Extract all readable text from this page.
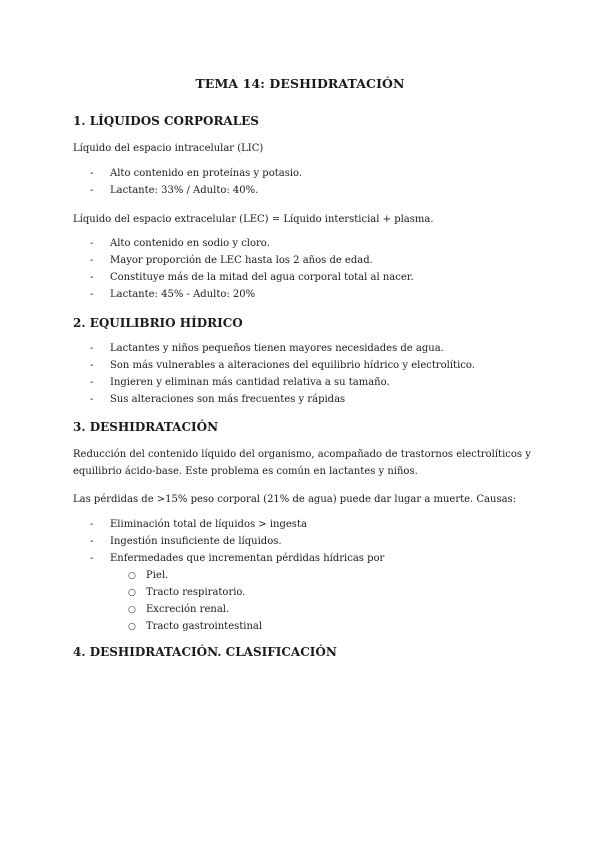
TEMA 14: DESHIDRATACIÓN
1. LÍQUIDOS CORPORALES
Líquido del espacio intracelular (LIC)
- Alto contenido en proteínas y potasio.
- Lactante: 33% / Adulto: 40%.
Líquido del espacio extracelular (LEC) = Líquido intersticial + plasma.
- Alto contenido en sodio y cloro.
- Mayor proporción de LEC hasta los 2 años de edad.
- Constituye más de la mitad del agua corporal total al nacer.
- Lactante: 45% - Adulto: 20%
2. EQUILIBRIO HÍDRICO
- Lactantes y niños pequeños tienen mayores necesidades de agua.
- Son más vulnerables a alteraciones del equilibrio hídrico y electrolítico.
- Ingieren y eliminan más cantidad relativa a su tamaño.
- Sus alteraciones son más frecuentes y rápidas
3. DESHIDRATACIÓN
Reducción del contenido líquido del organismo, acompañado de trastornos electrolíticos y equilibrio ácido-base. Este problema es común en lactantes y niños.
Las pérdidas de >15% peso corporal (21% de agua) puede dar lugar a muerte. Causas:
- Eliminación total de líquidos > ingesta
- Ingestión insuficiente de líquidos.
- Enfermedades que incrementan pérdidas hídricas por
○ Piel.
○ Tracto respiratorio.
○ Excreción renal.
○ Tracto gastrointestinal
4. DESHIDRATACIÓN. CLASIFICACIÓN
